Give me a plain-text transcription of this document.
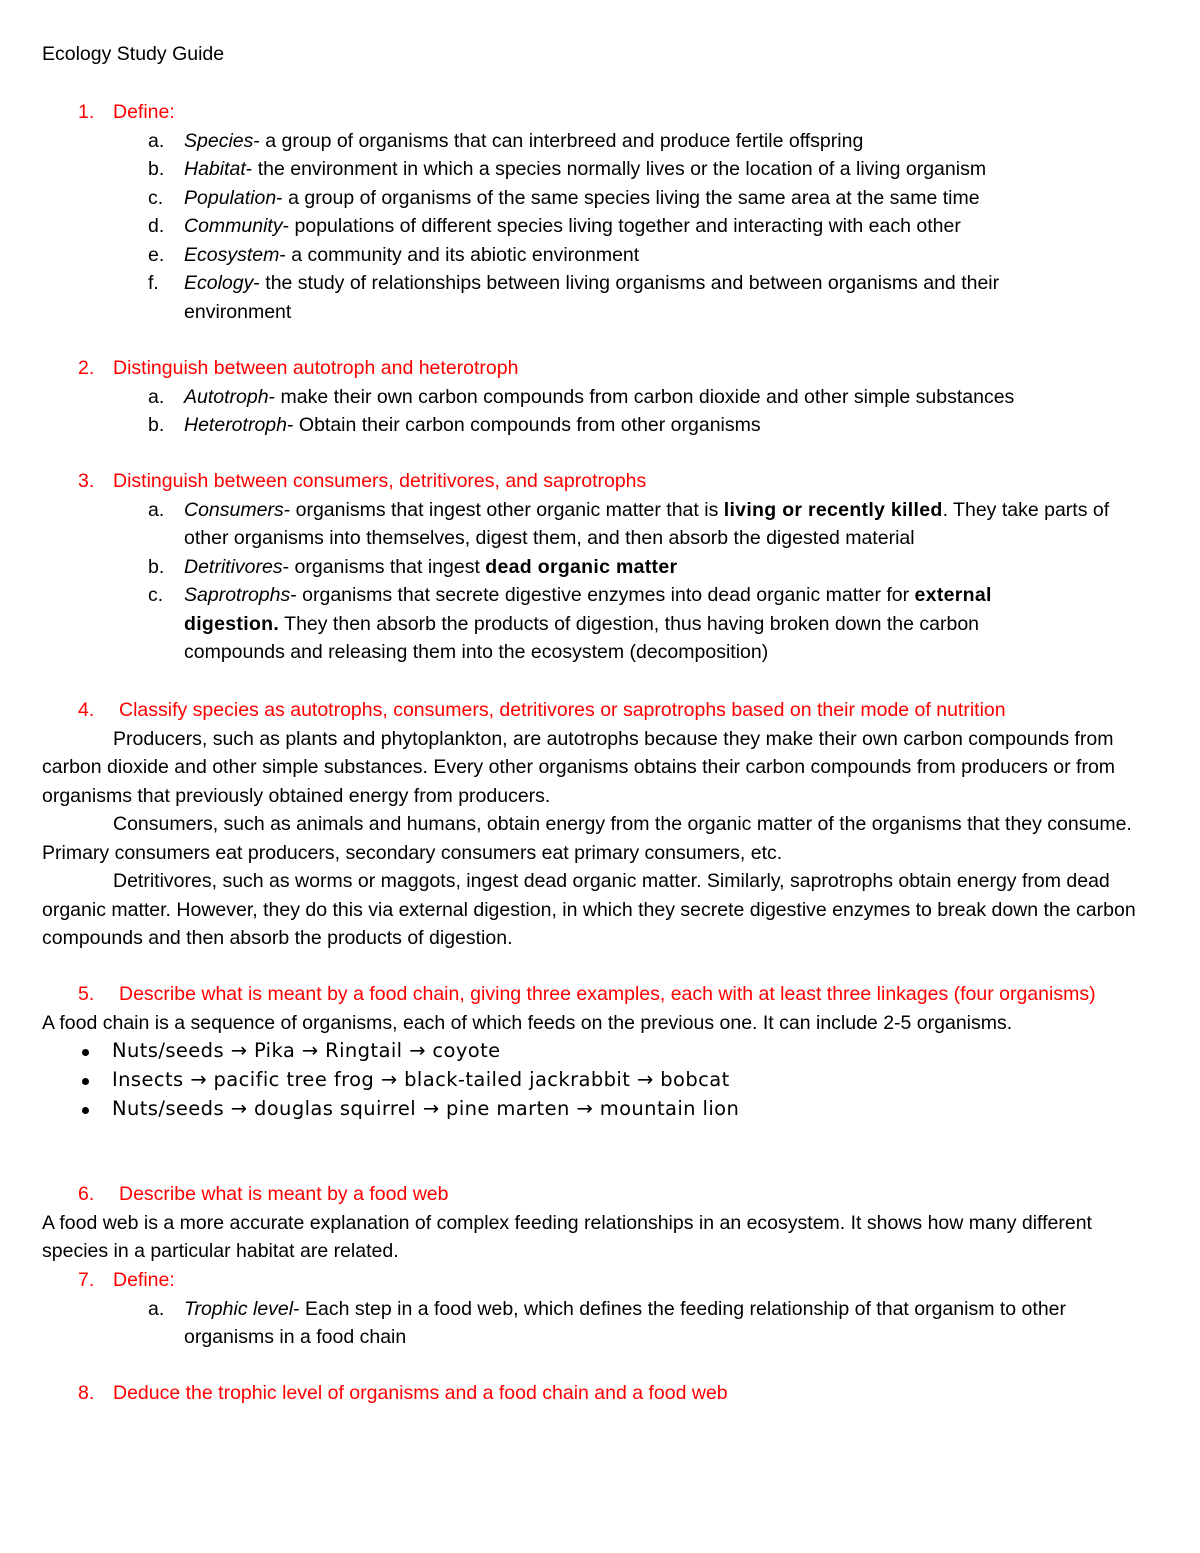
Ecology Study Guide
1. Define:
a. Species- a group of organisms that can interbreed and produce fertile offspring
b. Habitat- the environment in which a species normally lives or the location of a living organism
c. Population- a group of organisms of the same species living the same area at the same time
d. Community- populations of different species living together and interacting with each other
e. Ecosystem- a community and its abiotic environment
f. Ecology- the study of relationships between living organisms and between organisms and their environment
2. Distinguish between autotroph and heterotroph
a. Autotroph- make their own carbon compounds from carbon dioxide and other simple substances
b. Heterotroph- Obtain their carbon compounds from other organisms
3. Distinguish between consumers, detritivores, and saprotrophs
a. Consumers- organisms that ingest other organic matter that is living or recently killed. They take parts of other organisms into themselves, digest them, and then absorb the digested material
b. Detritivores- organisms that ingest dead organic matter
c. Saprotrophs- organisms that secrete digestive enzymes into dead organic matter for external digestion. They then absorb the products of digestion, thus having broken down the carbon compounds and releasing them into the ecosystem (decomposition)
4. Classify species as autotrophs, consumers, detritivores or saprotrophs based on their mode of nutrition
Producers, such as plants and phytoplankton, are autotrophs because they make their own carbon compounds from carbon dioxide and other simple substances. Every other organisms obtains their carbon compounds from producers or from organisms that previously obtained energy from producers.
Consumers, such as animals and humans, obtain energy from the organic matter of the organisms that they consume. Primary consumers eat producers, secondary consumers eat primary consumers, etc.
Detritivores, such as worms or maggots, ingest dead organic matter. Similarly, saprotrophs obtain energy from dead organic matter. However, they do this via external digestion, in which they secrete digestive enzymes to break down the carbon compounds and then absorb the products of digestion.
5.	Describe what is meant by a food chain, giving three examples, each with at least three linkages (four organisms)
A food chain is a sequence of organisms, each of which feeds on the previous one. It can include 2-5 organisms.
Nuts/seeds → Pika → Ringtail → coyote
Insects → pacific tree frog → black-tailed jackrabbit → bobcat
Nuts/seeds → douglas squirrel → pine marten → mountain lion
6. Describe what is meant by a food web
A food web is a more accurate explanation of complex feeding relationships in an ecosystem. It shows how many different species in a particular habitat are related.
7. Define:
a. Trophic level- Each step in a food web, which defines the feeding relationship of that organism to other organisms in a food chain
8. Deduce the trophic level of organisms and a food chain and a food web
